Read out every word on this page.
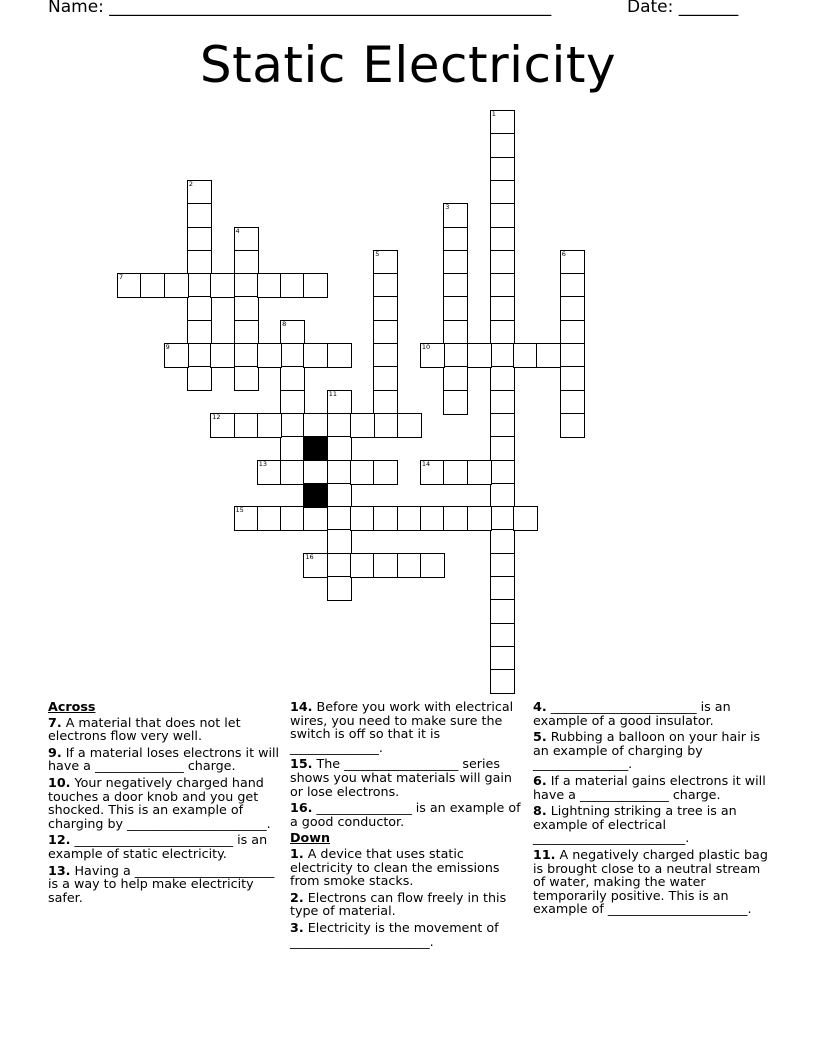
Name: ____________________________________________________	Date: _______
Static Electricity
1
2
3
4
5	6
7
8
9	10
11
12
13	14
15
16

Across

7. A material that does not let electrons flow very well.

9. If a material loses electrons it will have a ______________ charge.

10. Your negatively charged hand touches a door knob and you get shocked. This is an example of charging by ______________________.

12. _________________________ is an example of static electricity.

13. Having a ______________________ is a way to help make electricity safer.

14. Before you work with electrical wires, you need to make sure the switch is off so that it is ______________.

15. The __________________ series shows you what materials will gain or lose electrons.

16. _______________ is an example of a good conductor.

Down

1. A device that uses static electricity to clean the emissions from smoke stacks.

2. Electrons can flow freely in this type of material.

3. Electricity is the movement of ______________________.

4. _______________________ is an example of a good insulator.

5. Rubbing a balloon on your hair is an example of charging by _______________.

6. If a material gains electrons it will have a ______________ charge.

8. Lightning striking a tree is an example of electrical ________________________.

11. A negatively charged plastic bag is brought close to a neutral stream of water, making the water temporarily positive. This is an example of ______________________.
